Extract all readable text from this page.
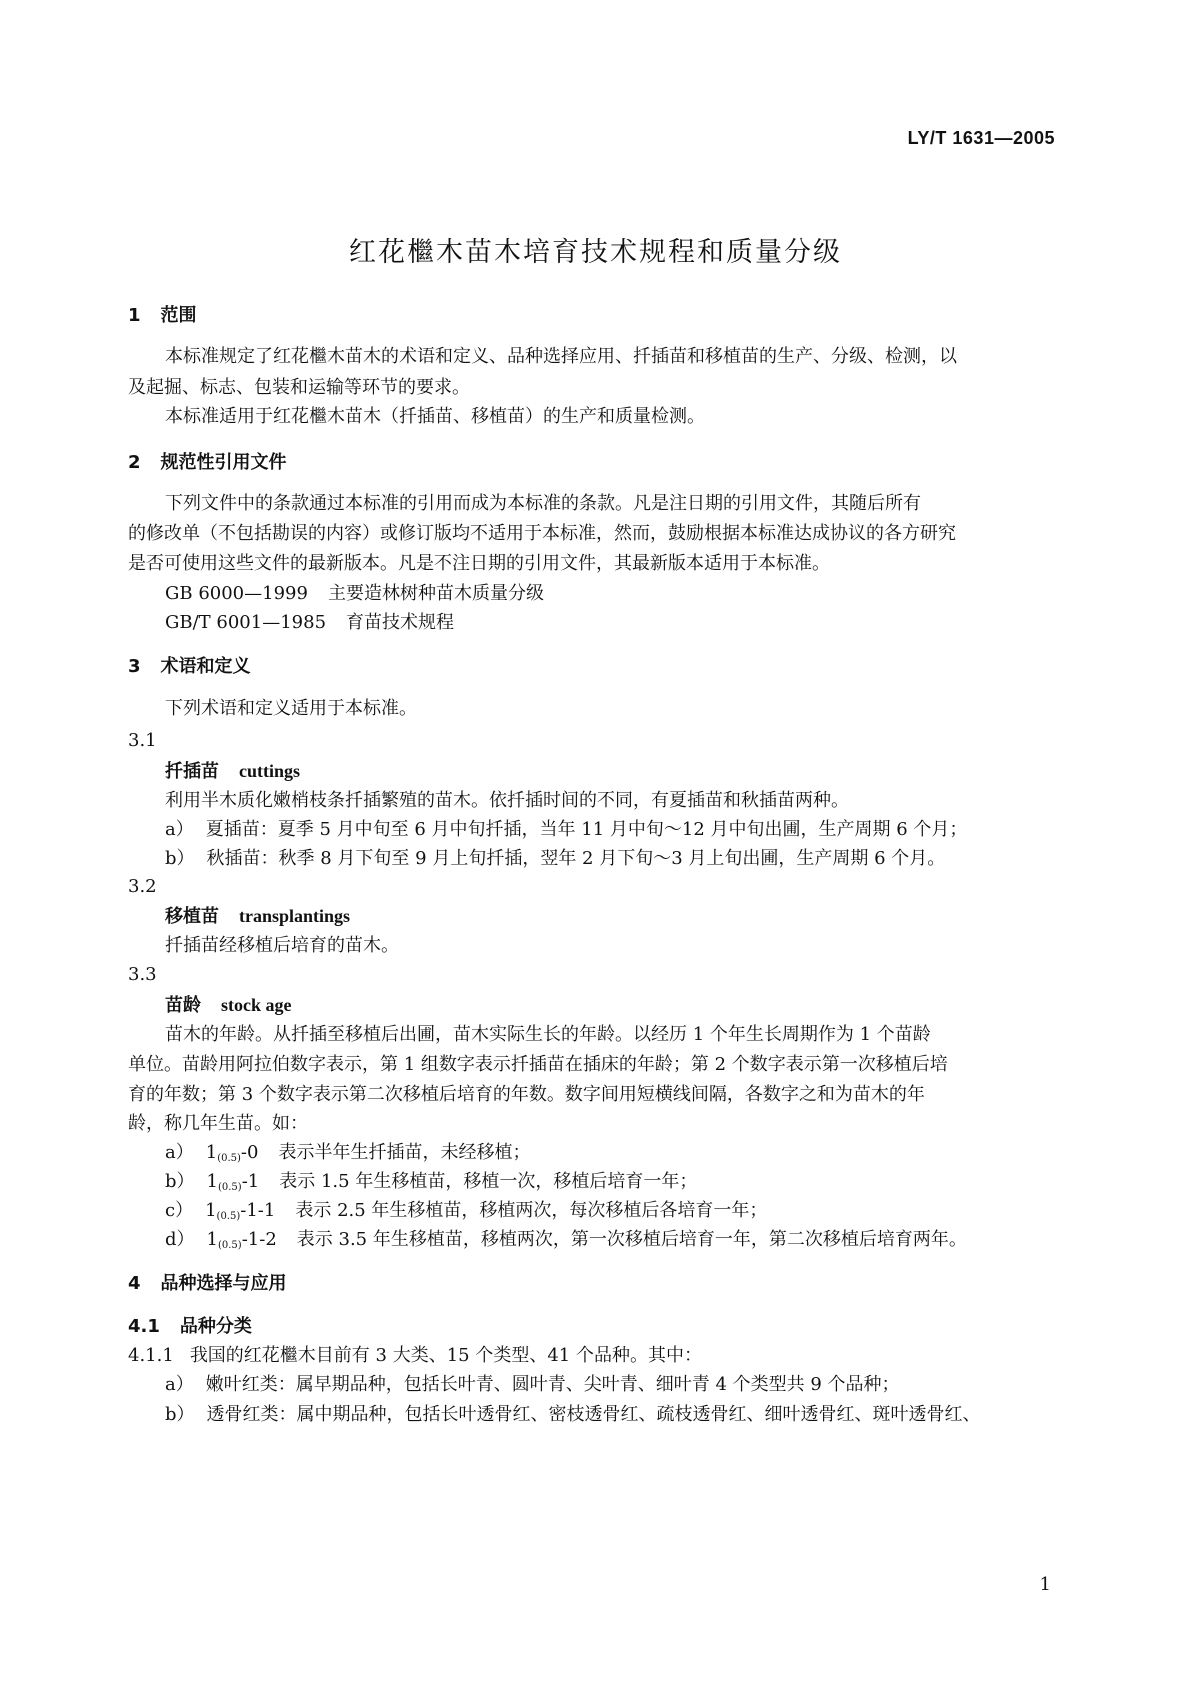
LY/T 1631—2005
红花檵木苗木培育技术规程和质量分级
1 范围
本标准规定了红花檵木苗木的术语和定义、品种选择应用、扦插苗和移植苗的生产、分级、检测，以
及起掘、标志、包装和运输等环节的要求。
本标准适用于红花檵木苗木（扦插苗、移植苗）的生产和质量检测。
2 规范性引用文件
下列文件中的条款通过本标准的引用而成为本标准的条款。凡是注日期的引用文件，其随后所有
的修改单（不包括勘误的内容）或修订版均不适用于本标准，然而，鼓励根据本标准达成协议的各方研究
是否可使用这些文件的最新版本。凡是不注日期的引用文件，其最新版本适用于本标准。
GB 6000—1999 主要造林树种苗木质量分级
GB/T 6001—1985 育苗技术规程
3 术语和定义
下列术语和定义适用于本标准。
3.1
扦插苗 cuttings
利用半木质化嫩梢枝条扦插繁殖的苗木。依扦插时间的不同，有夏插苗和秋插苗两种。
a） 夏插苗：夏季 5 月中旬至 6 月中旬扦插，当年 11 月中旬～12 月中旬出圃，生产周期 6 个月；
b） 秋插苗：秋季 8 月下旬至 9 月上旬扦插，翌年 2 月下旬～3 月上旬出圃，生产周期 6 个月。
3.2
移植苗 transplantings
扦插苗经移植后培育的苗木。
3.3
苗龄 stock age
苗木的年龄。从扦插至移植后出圃，苗木实际生长的年龄。以经历 1 个年生长周期作为 1 个苗龄
单位。苗龄用阿拉伯数字表示，第 1 组数字表示扦插苗在插床的年龄；第 2 个数字表示第一次移植后培
育的年数；第 3 个数字表示第二次移植后培育的年数。数字间用短横线间隔，各数字之和为苗木的年
龄，称几年生苗。如：
a） $1_{(0.5)}-0$ 表示半年生扦插苗，未经移植；
b） $1_{(0.5)}-1$ 表示 1.5 年生移植苗，移植一次，移植后培育一年；
c） $1_{(0.5)}-1-1$ 表示 2.5 年生移植苗，移植两次，每次移植后各培育一年；
d） $1_{(0.5)}-1-2$ 表示 3.5 年生移植苗，移植两次，第一次移植后培育一年，第二次移植后培育两年。
4 品种选择与应用
4.1 品种分类
4.1.1 我国的红花檵木目前有 3 大类、15 个类型、41 个品种。其中：
a） 嫩叶红类：属早期品种，包括长叶青、圆叶青、尖叶青、细叶青 4 个类型共 9 个品种；
b） 透骨红类：属中期品种，包括长叶透骨红、密枝透骨红、疏枝透骨红、细叶透骨红、斑叶透骨红、
1
